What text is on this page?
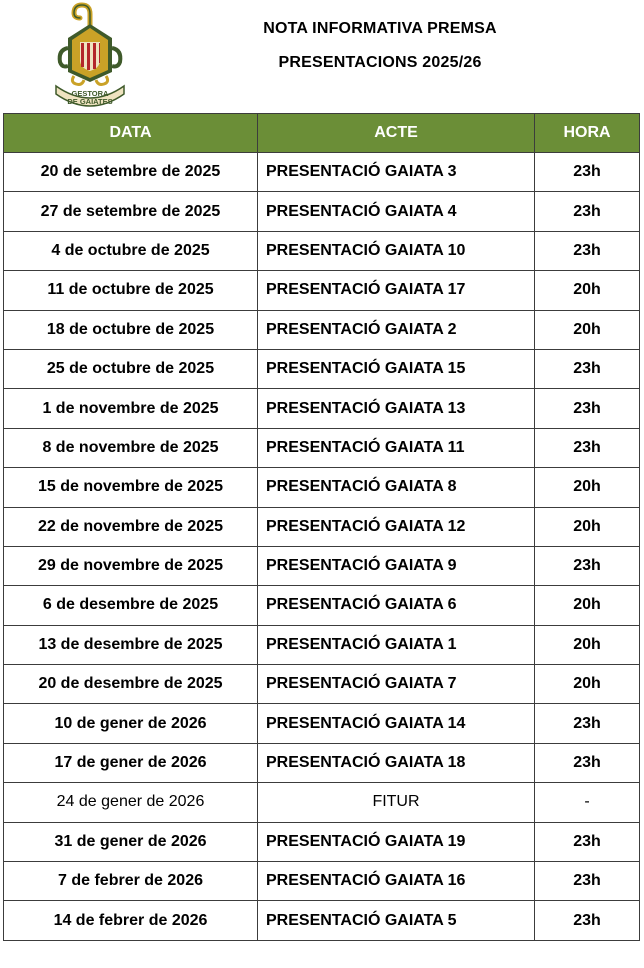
GESTORA
DE GAIATES
NOTA INFORMATIVA PREMSA
PRESENTACIONS 2025/26
DATA	ACTE	HORA
20 de setembre de 2025	PRESENTACIÓ GAIATA 3	23h
27 de setembre de 2025	PRESENTACIÓ GAIATA 4	23h
4 de octubre de 2025	PRESENTACIÓ GAIATA 10	23h
11 de octubre de 2025	PRESENTACIÓ GAIATA 17	20h
18 de octubre de 2025	PRESENTACIÓ GAIATA 2	20h
25 de octubre de 2025	PRESENTACIÓ GAIATA 15	23h
1 de novembre de 2025	PRESENTACIÓ GAIATA 13	23h
8 de novembre de 2025	PRESENTACIÓ GAIATA 11	23h
15 de novembre de 2025	PRESENTACIÓ GAIATA 8	20h
22 de novembre de 2025	PRESENTACIÓ GAIATA 12	20h
29 de novembre de 2025	PRESENTACIÓ GAIATA 9	23h
6 de desembre de 2025	PRESENTACIÓ GAIATA 6	20h
13 de desembre de 2025	PRESENTACIÓ GAIATA 1	20h
20 de desembre de 2025	PRESENTACIÓ GAIATA 7	20h
10 de gener de 2026	PRESENTACIÓ GAIATA 14	23h
17 de gener de 2026	PRESENTACIÓ GAIATA 18	23h
24 de gener de 2026	FITUR	-
31 de gener de 2026	PRESENTACIÓ GAIATA 19	23h
7 de febrer de 2026	PRESENTACIÓ GAIATA 16	23h
14 de febrer de 2026	PRESENTACIÓ GAIATA 5	23h
